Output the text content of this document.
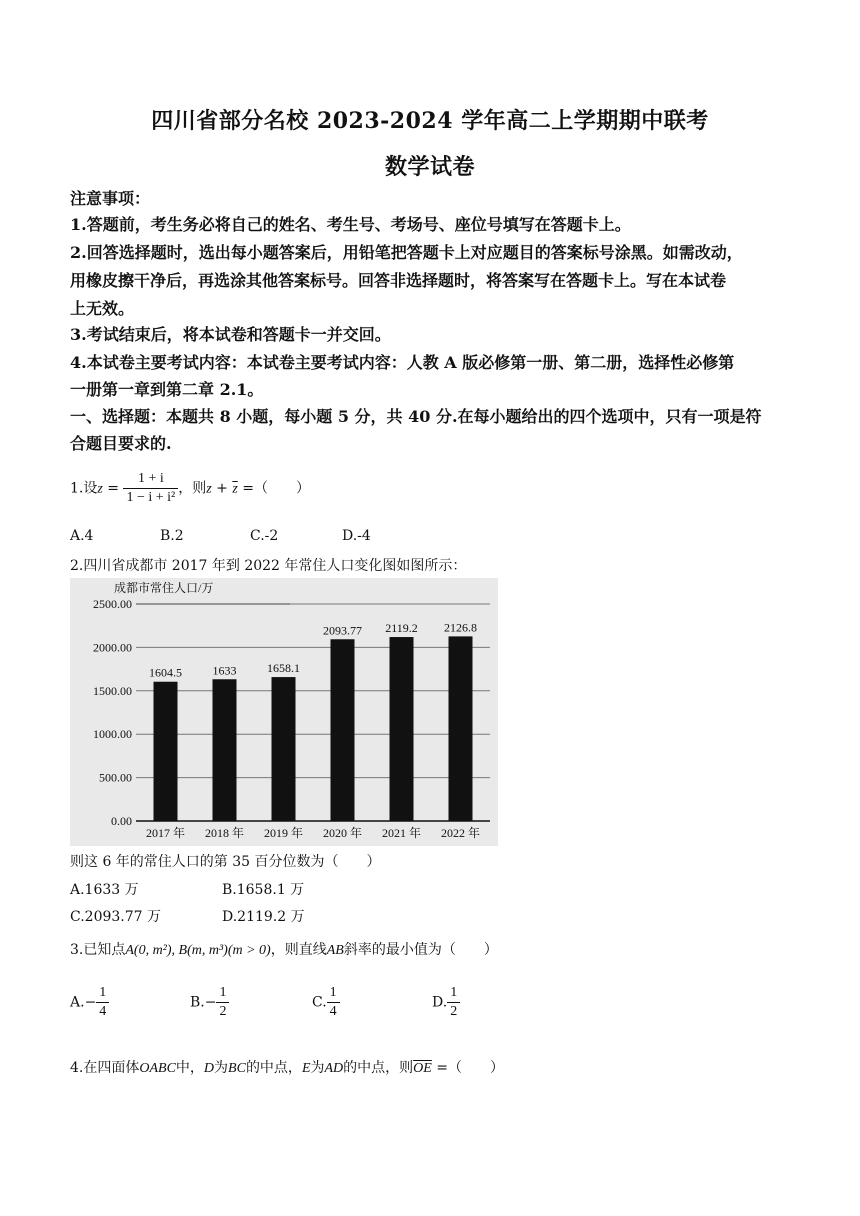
四川省部分名校 2023-2024 学年高二上学期期中联考
数学试卷
注意事项：
1.答题前，考生务必将自己的姓名、考生号、考场号、座位号填写在答题卡上。
2.回答选择题时，选出每小题答案后，用铅笔把答题卡上对应题目的答案标号涂黑。如需改动，
用橡皮擦干净后，再选涂其他答案标号。回答非选择题时，将答案写在答题卡上。写在本试卷
上无效。
3.考试结束后，将本试卷和答题卡一并交回。
4.本试卷主要考试内容：本试卷主要考试内容：人教 A 版必修第一册、第二册，选择性必修第
一册第一章到第二章 2.1。
一、选择题：本题共 8 小题，每小题 5 分，共 40 分.在每小题给出的四个选项中，只有一项是符
合题目要求的.
1.设$z = \frac{1 + i}{\text{1 − i + i²}}$ ，则$z + \overline{z}$ =（　　）
A.4	B.2	C.-2	D.-4
2.四川省成都市 2017 年到 2022 年常住人口变化图如图所示：
成都市常住人口/万
0.00
500.00
1000.00
1500.00
2000.00
2500.00
1604.5
2017 年
1633
2018 年
1658.1
2019 年
2093.77
2020 年
2119.2
2021 年
2126.8
2022 年
则这 6 年的常住人口的第 35 百分位数为（　　）
A.1633 万	B.1658.1 万
C.2093.77 万	D.2119.2 万
3.已知点A(0, m²), B(m, m³)(m > 0)，则直线AB斜率的最小值为（　　）
$A.- \frac{1}{4}$	$B.- \frac{1}{2}$	C. $\frac{1}{4}$	D. $\frac{1}{2}$
4.在四面体OABC中，D为BC的中点，E为AD的中点，则$\overline{OE}$ =（　　）
